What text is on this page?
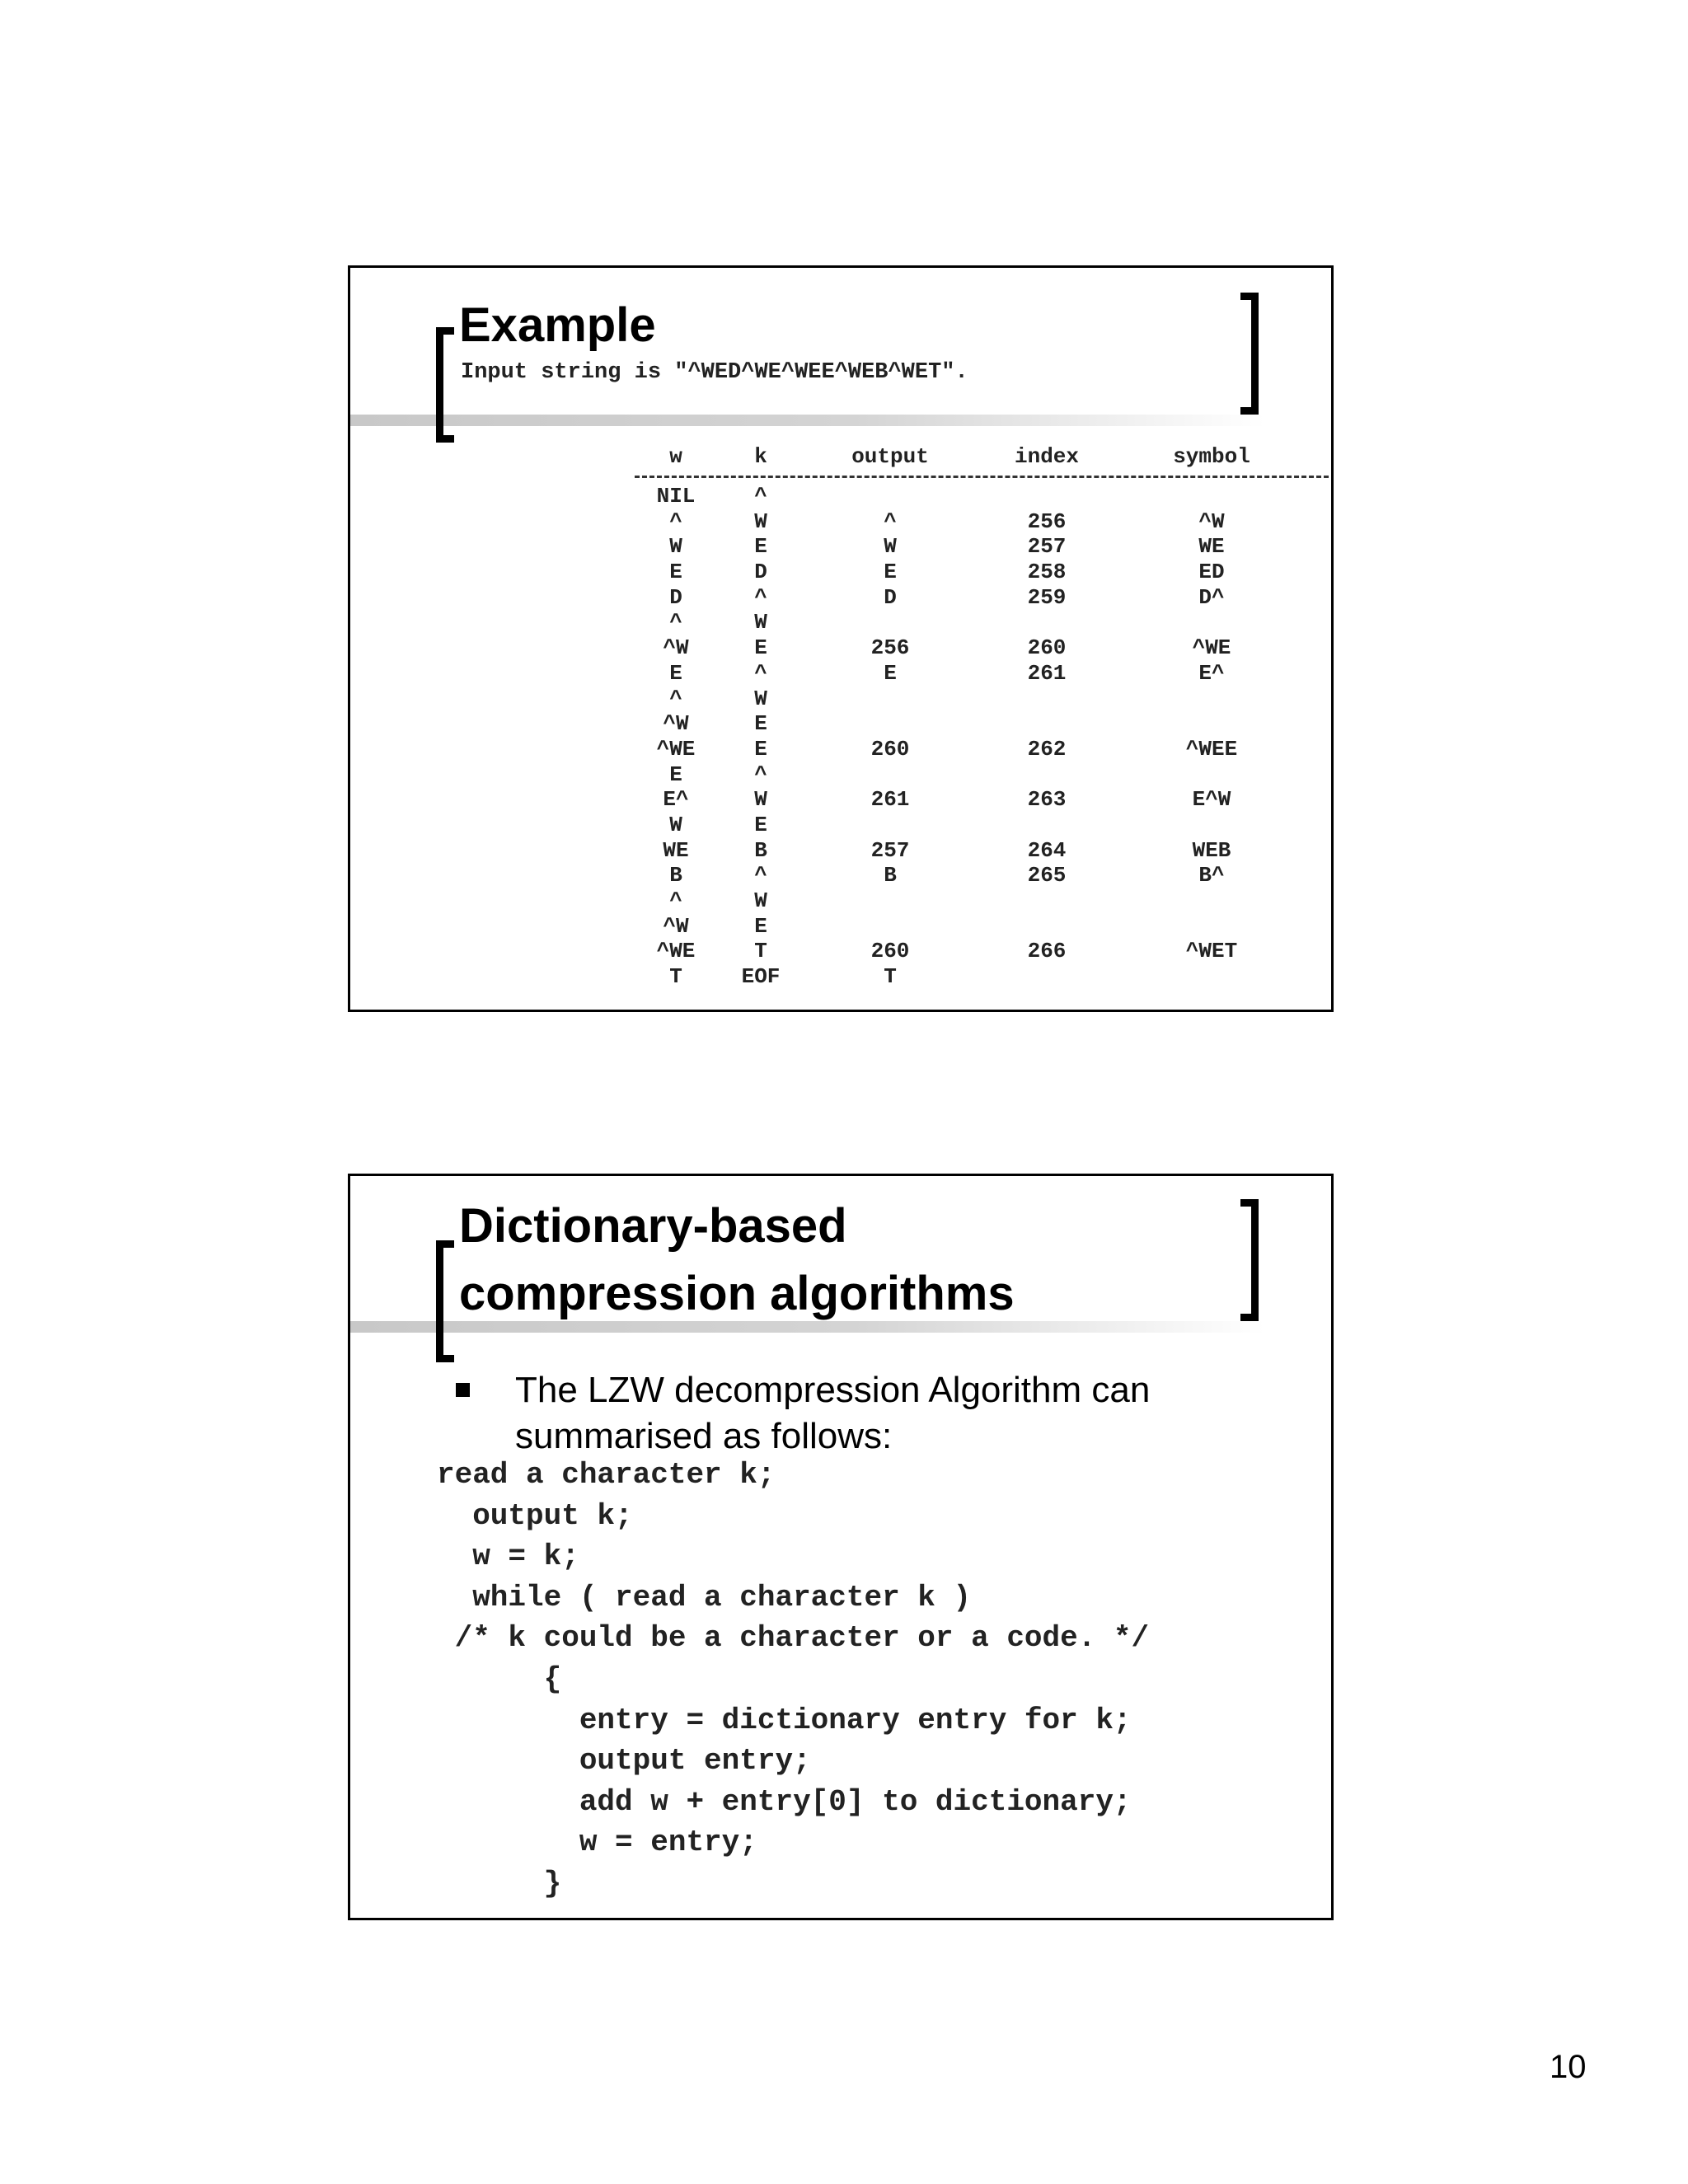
Example
Input string is "^WED^WE^WEE^WEB^WET".
w	k	output	index	symbol
NIL	^
^	W	^	256	^W
W	E	W	257	WE
E	D	E	258	ED
D	^	D	259	D^
^	W
^W	E	256	260	^WE
E	^	E	261	E^
^	W
^W	E
^WE	E	260	262	^WEE
E	^
E^	W	261	263	E^W
W	E
WE	B	257	264	WEB
B	^	B	265	B^
^	W
^W	E
^WE	T	260	266	^WET
T	EOF	T
Dictionary-based
compression algorithms
The LZW decompression Algorithm can summarised as follows:
read a character k;
output k;
w = k;
while ( read a character k )
/* k could be a character or a code. */
{
entry = dictionary entry for k;
output entry;
add w + entry[0] to dictionary;
w = entry;
}
10
